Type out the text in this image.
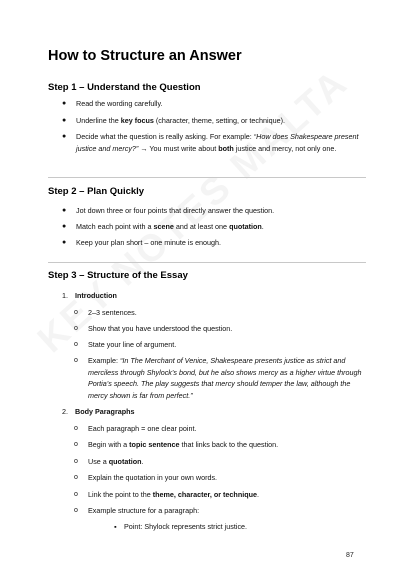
How to Structure an Answer
Step 1 – Understand the Question
● Read the wording carefully.
● Underline the key focus (character, theme, setting, or technique).
● Decide what the question is really asking. For example: “How does Shakespeare present justice and mercy?” → You must write about both justice and mercy, not only one.
Step 2 – Plan Quickly
● Jot down three or four points that directly answer the question.
● Match each point with a scene and at least one quotation.
● Keep your plan short – one minute is enough.
Step 3 – Structure of the Essay
1. Introduction
o 2–3 sentences.
o Show that you have understood the question.
o State your line of argument.
o Example: “In The Merchant of Venice, Shakespeare presents justice as strict and merciless through Shylock’s bond, but he also shows mercy as a higher virtue through Portia’s speech. The play suggests that mercy should temper the law, although the mercy shown is far from perfect.”
2. Body Paragraphs
o Each paragraph = one clear point.
o Begin with a topic sentence that links back to the question.
o Use a quotation.
o Explain the quotation in your own words.
o Link the point to the theme, character, or technique.
o Example structure for a paragraph:
▪ Point: Shylock represents strict justice.
87
